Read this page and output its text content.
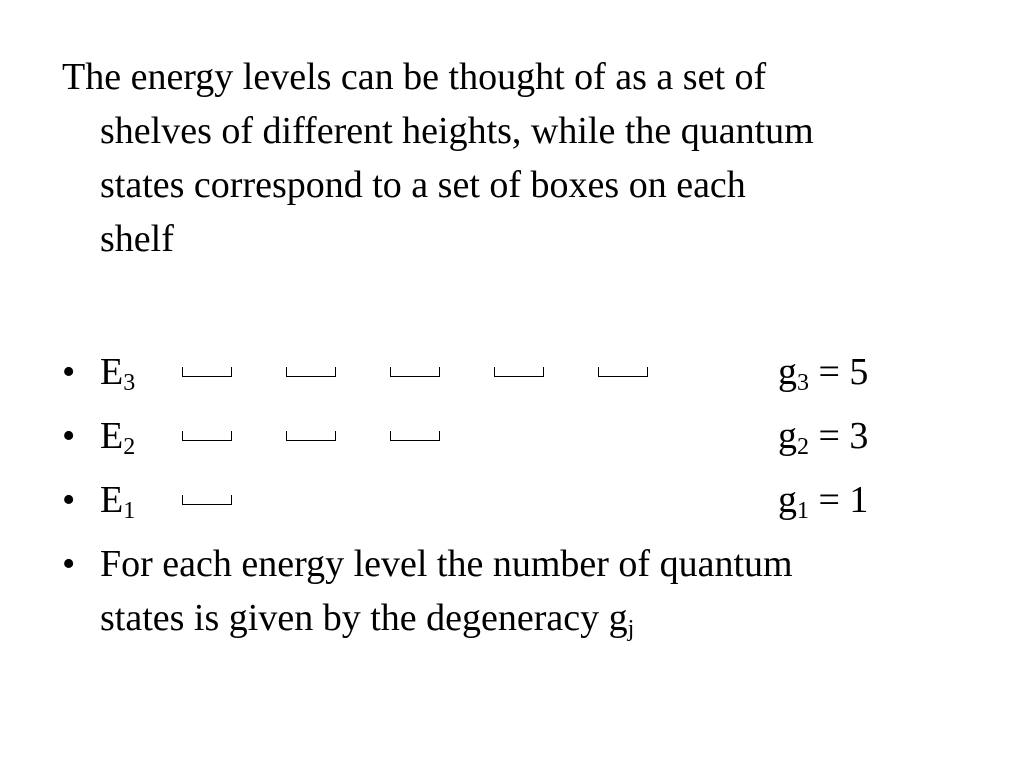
The energy levels can be thought of as a set of
shelves of different heights, while the quantum
states correspond to a set of boxes on each
shelf
• $E_3$	$g_3 = 5$
• $E_2$	$g_2 = 3$
• $E_1$	$g_1 = 1$
• For each energy level the number of quantum
states is given by the degeneracy $g_j$
